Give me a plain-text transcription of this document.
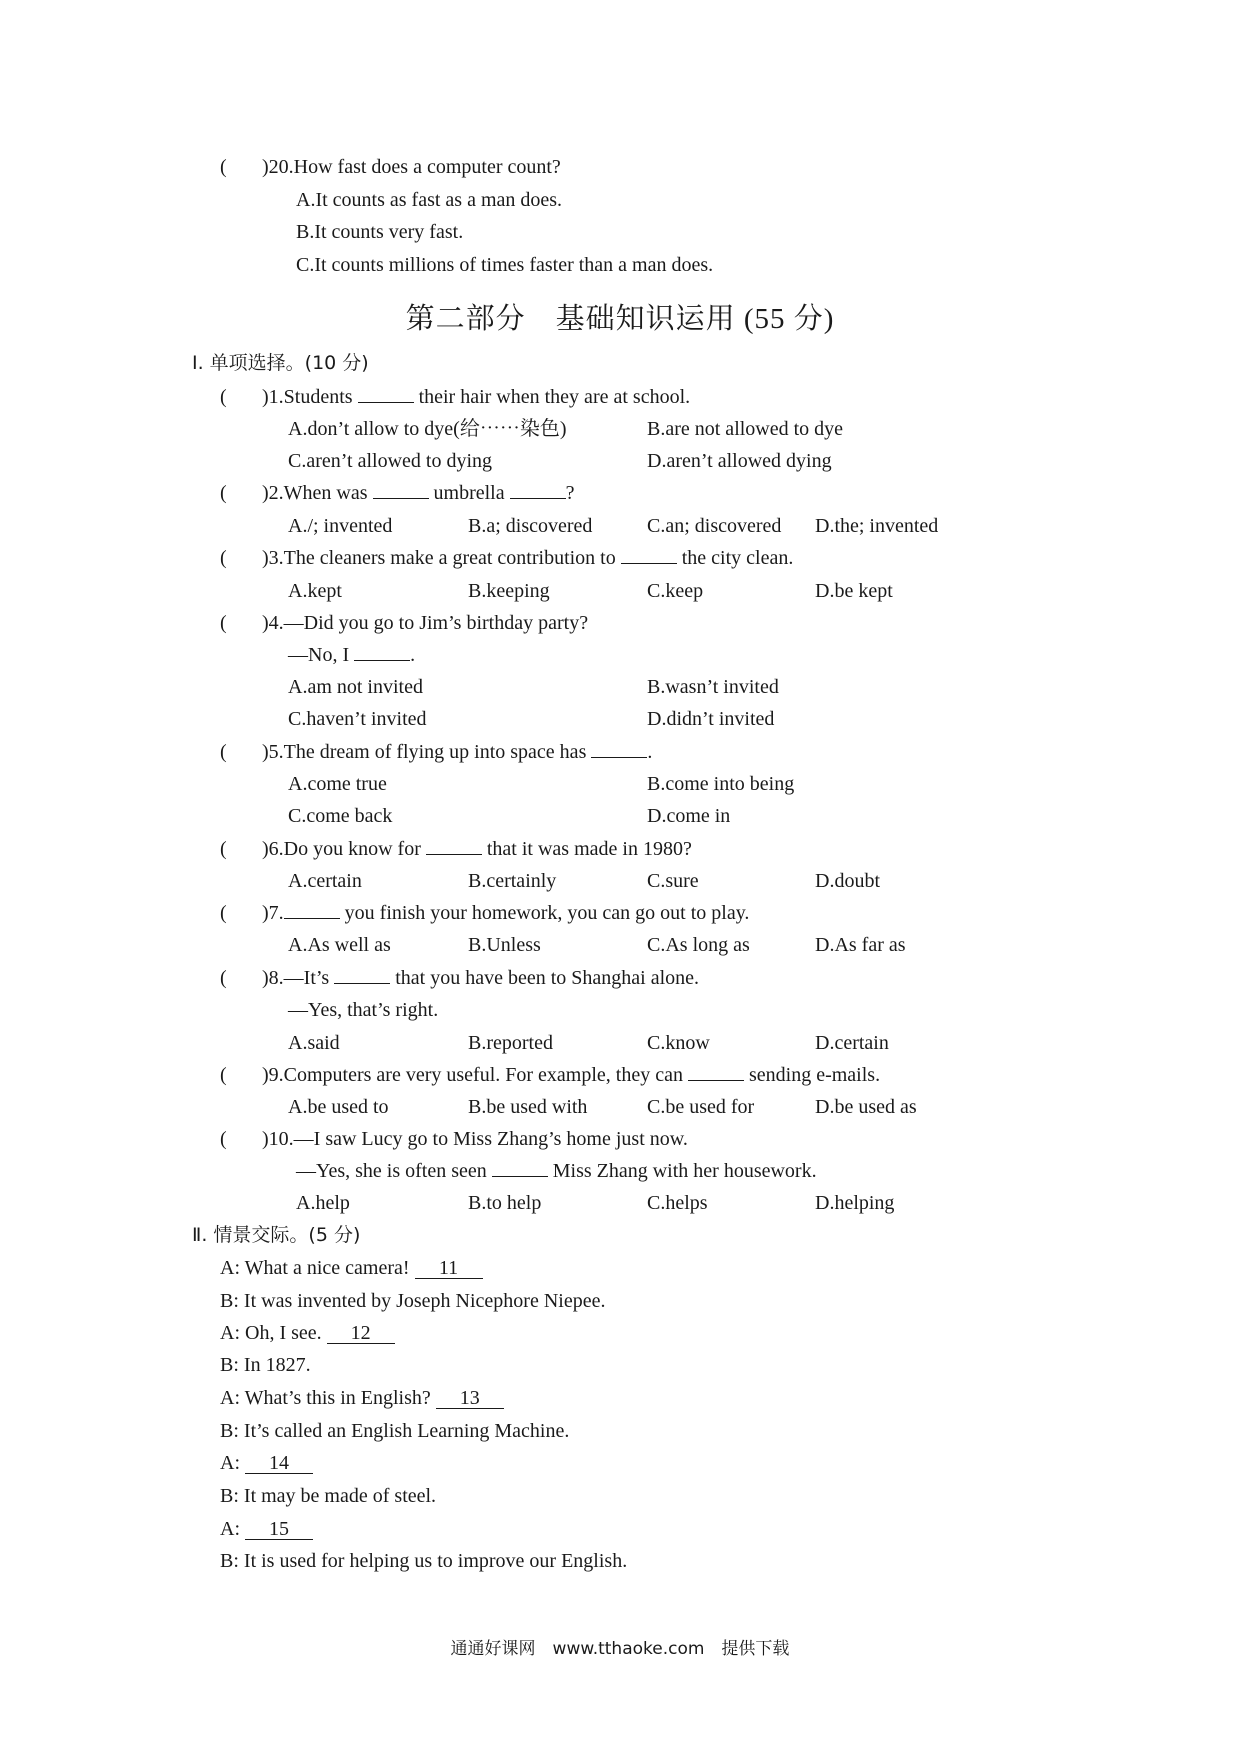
( )20.How fast does a computer count?
A.It counts as fast as a man does.
B.It counts very fast.
C.It counts millions of times faster than a man does.
第二部分　基础知识运用 (55 分)
Ⅰ. 单项选择。(10 分)
( )1.Students	their hair when they are at school.
A.don’t allow to dye(给⋯⋯染色)	B.are not allowed to dye
C.aren’t allowed to dying	D.aren’t allowed dying
( )2.When was	umbrella	?
A./; invented	B.a; discovered	C.an; discovered D.the; invented
( )3.The cleaners make a great contribution to	the city clean.
A.kept	B.keeping	C.keep	D.be kept
( )4.—Did you go to Jim’s birthday party?
—No, I	.
A.am not invited	B.wasn’t invited
C.haven’t invited	D.didn’t invited
( )5.The dream of flying up into space has	.
A.come true	B.come into being
C.come back	D.come in
( )6.Do you know for	that it was made in 1980?
A.certain	B.certainly	C.sure	D.doubt
( )7.	you finish your homework, you can go out to play.
A.As well as	B.Unless	C.As long as	D.As far as
( )8.—It’s	that you have been to Shanghai alone.
—Yes, that’s right.
A.said	B.reported	C.know	D.certain
( )9.Computers are very useful. For example, they can	sending e-mails.
A.be used to	B.be used with	C.be used for	D.be used as
( )10.—I saw Lucy go to Miss Zhang’s home just now.
—Yes, she is often seen	Miss Zhang with her housework.
A.help	B.to help	C.helps	D.helping
Ⅱ. 情景交际。(5 分)
A: What a nice camera! 11
B: It was invented by Joseph Nicephore Niepee.
A: Oh, I see. 12
B: In 1827.
A: What’s this in English? 13
B: It’s called an English Learning Machine.
A: 14
B: It may be made of steel.
A: 15
B: It is used for helping us to improve our English.
通通好课网　www.tthaoke.com　提供下载
